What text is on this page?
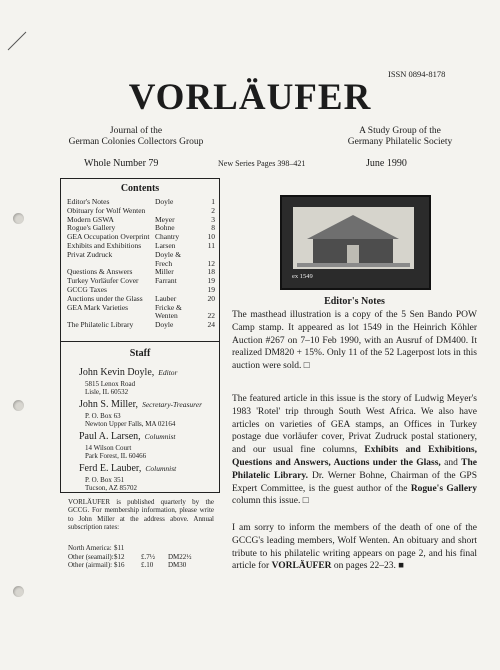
ISSN 0894-8178
VORLÄUFER
Journal of the
German Colonies Collectors Group
A Study Group of the
Germany Philatelic Society
Whole Number 79	New Series Pages 398–421	June 1990
Contents
Editor's Notes	Doyle	1
Obituary for Wolf Wenten	2
Modern GSWA	Meyer	3
Rogue's Gallery	Bohne	8
GEA Occupation Overprint Chantry	10
Exhibits and Exhibitions	Larsen	11
Privat Zudruck	Doyle &
Frech	12
Questions & Answers	Miller	18
Turkey Vorläufer Cover	Farrant	19
GCCG Taxes	19
Auctions under the Glass	Lauber	20
GEA Mark Varieties	Fricke &
Wenten	22
The Philatelic Library	Doyle	24
Staff
John Kevin Doyle, Editor
5815 Lenox Road
Lisle, IL 60532
John S. Miller, Secretary-Treasurer
P. O. Box 63
Newton Upper Falls, MA 02164
Paul A. Larsen, Columnist
14 Wilson Court
Park Forest, IL 60466
Ferd E. Lauber, Columnist
P. O. Box 351
Tucson, AZ 85702
VORLÄUFER is published quarterly by the GCCG. For membership information, please write to John Miller at the address above. Annual subscription rates:
North America: $11
Other (seamail): $12	£.7½	DM22½
Other (airmail): $16	£.10	DM30
ex 1549
Editor's Notes
The masthead illustration is a copy of the 5 Sen Bando POW Camp stamp. It appeared as lot 1549 in the Heinrich Köhler Auction #267 on 7–10 Feb 1990, with an Ausruf of DM400. It realized DM820 + 15%. Only 11 of the 52 Lagerpost lots in this auction were sold. □
The featured article in this issue is the story of Ludwig Meyer's 1983 'Rotel' trip through South West Africa. We also have articles on varieties of GEA stamps, an Offices in Turkey postage due vorläufer cover, Privat Zudruck postal stationery, and our usual fine columns, Exhibits and Exhibitions, Questions and Answers, Auctions under the Glass, and The Philatelic Library. Dr. Werner Bohne, Chairman of the GPS Expert Committee, is the guest author of the Rogue's Gallery column this issue. □
I am sorry to inform the members of the death of one of the GCCG's leading members, Wolf Wenten. An obituary and short tribute to his philatelic writing appears on page 2, and his final article for VORLÄUFER on pages 22–23. ■
